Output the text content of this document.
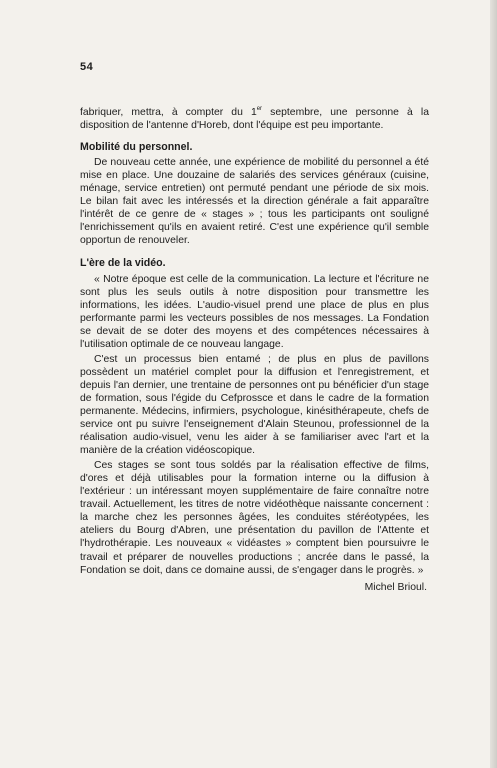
54

fabriquer, mettra, à compter du 1er septembre, une personne à la disposition de l'antenne d'Horeb, dont l'équipe est peu importante.

Mobilité du personnel.

De nouveau cette année, une expérience de mobilité du personnel a été mise en place. Une douzaine de salariés des services généraux (cuisine, ménage, service entretien) ont permuté pendant une période de six mois. Le bilan fait avec les intéressés et la direction générale a fait apparaître l'intérêt de ce genre de « stages » ; tous les participants ont souligné l'enrichissement qu'ils en avaient retiré. C'est une expérience qu'il semble opportun de renouveler.

L'ère de la vidéo.

« Notre époque est celle de la communication. La lecture et l'écriture ne sont plus les seuls outils à notre disposition pour transmettre les informations, les idées. L'audio-visuel prend une place de plus en plus performante parmi les vecteurs possibles de nos messages. La Fondation se devait de se doter des moyens et des compétences nécessaires à l'utilisation optimale de ce nouveau langage.

C'est un processus bien entamé ; de plus en plus de pavillons possèdent un matériel complet pour la diffusion et l'enregistrement, et depuis l'an dernier, une trentaine de personnes ont pu bénéficier d'un stage de formation, sous l'égide du Cefprossce et dans le cadre de la formation permanente. Médecins, infirmiers, psychologue, kinésithérapeute, chefs de service ont pu suivre l'enseignement d'Alain Steunou, professionnel de la réalisation audio-visuel, venu les aider à se familiariser avec l'art et la manière de la création vidéoscopique.

Ces stages se sont tous soldés par la réalisation effective de films, d'ores et déjà utilisables pour la formation interne ou la diffusion à l'extérieur : un intéressant moyen supplémentaire de faire connaître notre travail. Actuellement, les titres de notre vidéothèque naissante concernent : la marche chez les personnes âgées, les conduites stéréotypées, les ateliers du Bourg d'Abren, une présentation du pavillon de l'Attente et l'hydrothérapie. Les nouveaux « vidéastes » comptent bien poursuivre le travail et préparer de nouvelles productions ; ancrée dans le passé, la Fondation se doit, dans ce domaine aussi, de s'engager dans le progrès. »

Michel Brioul.
